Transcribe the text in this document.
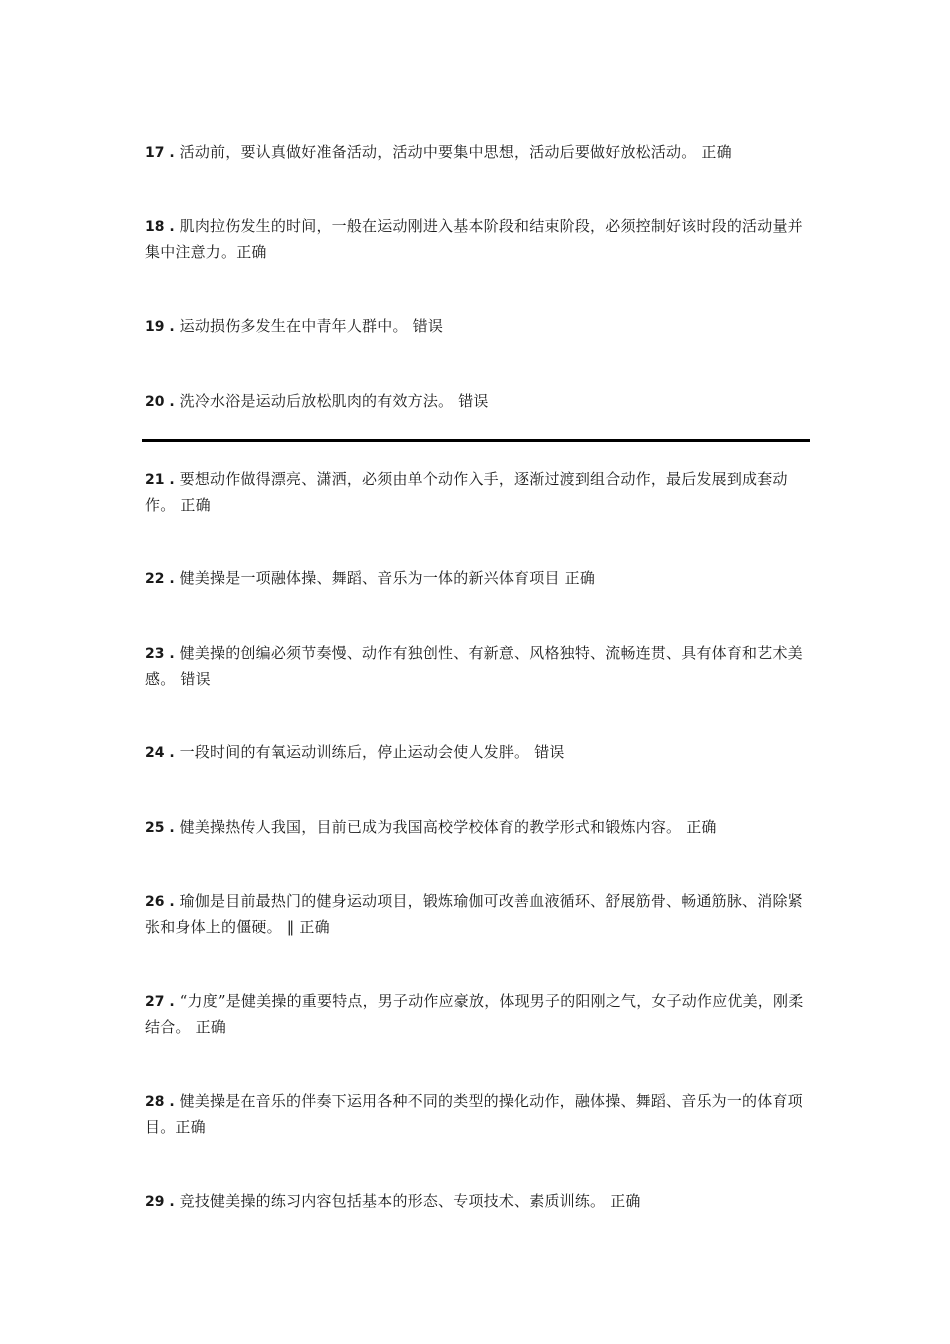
17 . 活动前，要认真做好准备活动，活动中要集中思想，活动后要做好放松活动。 正确

18 . 肌肉拉伤发生的时间，一般在运动刚进入基本阶段和结束阶段，必须控制好该时段的活动量并集中注意力。正确

19 . 运动损伤多发生在中青年人群中。 错误

20 . 洗冷水浴是运动后放松肌肉的有效方法。 错误

21 . 要想动作做得漂亮、潇洒，必须由单个动作入手，逐渐过渡到组合动作，最后发展到成套动作。 正确

22 . 健美操是一项融体操、舞蹈、音乐为一体的新兴体育项目 正确

23 . 健美操的创编必须节奏慢、动作有独创性、有新意、风格独特、流畅连贯、具有体育和艺术美感。 错误

24 . 一段时间的有氧运动训练后，停止运动会使人发胖。 错误

25 . 健美操热传人我国，目前已成为我国高校学校体育的教学形式和锻炼内容。 正确

26 . 瑜伽是目前最热门的健身运动项目，锻炼瑜伽可改善血液循环、舒展筋骨、畅通筋脉、消除紧张和身体上的僵硬。 ‖ 正确

27 . “力度”是健美操的重要特点，男子动作应豪放，体现男子的阳刚之气，女子动作应优美，刚柔结合。 正确

28 . 健美操是在音乐的伴奏下运用各种不同的类型的操化动作，融体操、舞蹈、音乐为一的体育项目。正确

29 . 竞技健美操的练习内容包括基本的形态、专项技术、素质训练。 正确
